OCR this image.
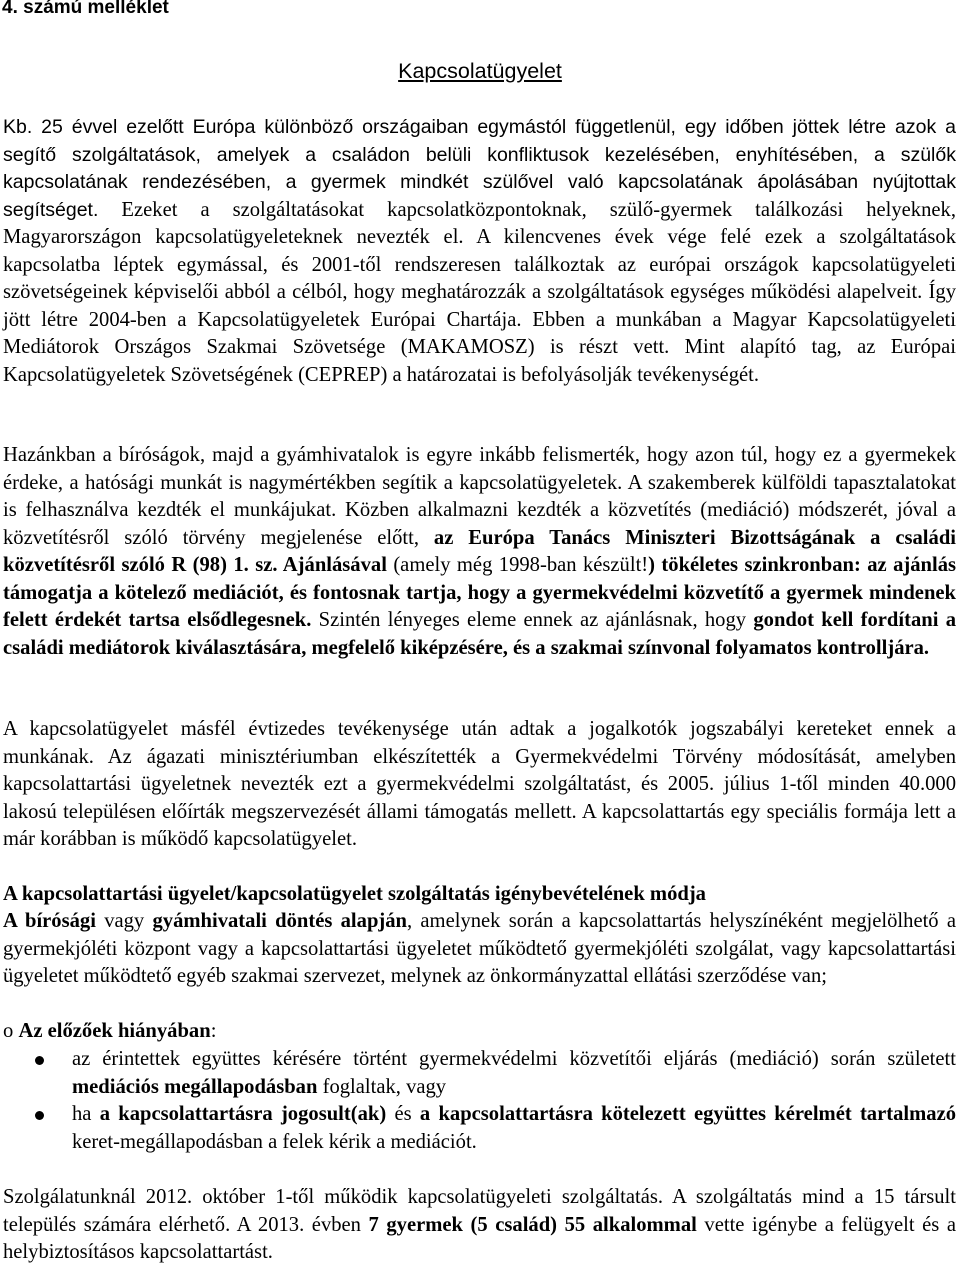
4. számú melléklet

Kapcsolatügyelet

Kb. 25 évvel ezelőtt Európa különböző országaiban egymástól függetlenül, egy időben jöttek létre azok a segítő szolgáltatások, amelyek a családon belüli konfliktusok kezelésében, enyhítésében, a szülők kapcsolatának rendezésében, a gyermek mindkét szülővel való kapcsolatának ápolásában nyújtottak segítséget. Ezeket a szolgáltatásokat kapcsolatközpontoknak, szülő-gyermek találkozási helyeknek, Magyarországon kapcsolatügyeleteknek nevezték el. A kilencvenes évek vége felé ezek a szolgáltatások kapcsolatba léptek egymással, és 2001-től rendszeresen találkoztak az európai országok kapcsolatügyeleti szövetségeinek képviselői abból a célból, hogy meghatározzák a szolgáltatások egységes működési alapelveit. Így jött létre 2004-ben a Kapcsolatügyeletek Európai Chartája. Ebben a munkában a Magyar Kapcsolatügyeleti Mediátorok Országos Szakmai Szövetsége (MAKAMOSZ) is részt vett. Mint alapító tag, az Európai Kapcsolatügyeletek Szövetségének (CEPREP) a határozatai is befolyásolják tevékenységét.

Hazánkban a bíróságok, majd a gyámhivatalok is egyre inkább felismerték, hogy azon túl, hogy ez a gyermekek érdeke, a hatósági munkát is nagymértékben segítik a kapcsolatügyeletek. A szakemberek külföldi tapasztalatokat is felhasználva kezdték el munkájukat. Közben alkalmazni kezdték a közvetítés (mediáció) módszerét, jóval a közvetítésről szóló törvény megjelenése előtt, az Európa Tanács Miniszteri Bizottságának a családi közvetítésről szóló R (98) 1. sz. Ajánlásával (amely még 1998-ban készült!) tökéletes szinkronban: az ajánlás támogatja a kötelező mediációt, és fontosnak tartja, hogy a gyermekvédelmi közvetítő a gyermek mindenek felett érdekét tartsa elsődlegesnek. Szintén lényeges eleme ennek az ajánlásnak, hogy gondot kell fordítani a családi mediátorok kiválasztására, megfelelő kiképzésére, és a szakmai színvonal folyamatos kontrolljára.

A kapcsolatügyelet másfél évtizedes tevékenysége után adtak a jogalkotók jogszabályi kereteket ennek a munkának. Az ágazati minisztériumban elkészítették a Gyermekvédelmi Törvény módosítását, amelyben kapcsolattartási ügyeletnek nevezték ezt a gyermekvédelmi szolgáltatást, és 2005. július 1-től minden 40.000 lakosú településen előírták megszervezését állami támogatás mellett. A kapcsolattartás egy speciális formája lett a már korábban is működő kapcsolatügyelet.

A kapcsolattartási ügyelet/kapcsolatügyelet szolgáltatás igénybevételének módja

A bírósági vagy gyámhivatali döntés alapján, amelynek során a kapcsolattartás helyszínéként megjelölhető a gyermekjóléti központ vagy a kapcsolattartási ügyeletet működtető gyermekjóléti szolgálat, vagy kapcsolattartási ügyeletet működtető egyéb szakmai szervezet, melynek az önkormányzattal ellátási szerződése van;

o Az előzőek hiányában:

az érintettek együttes kérésére történt gyermekvédelmi közvetítői eljárás (mediáció) során született mediációs megállapodásban foglaltak, vagy
ha a kapcsolattartásra jogosult(ak) és a kapcsolattartásra kötelezett együttes kérelmét tartalmazó keret-megállapodásban a felek kérik a mediációt.

Szolgálatunknál 2012. október 1-től működik kapcsolatügyeleti szolgáltatás. A szolgáltatás mind a 15 társult település számára elérhető. A 2013. évben 7 gyermek (5 család) 55 alkalommal vette igénybe a felügyelt és a helybiztosításos kapcsolattartást.
